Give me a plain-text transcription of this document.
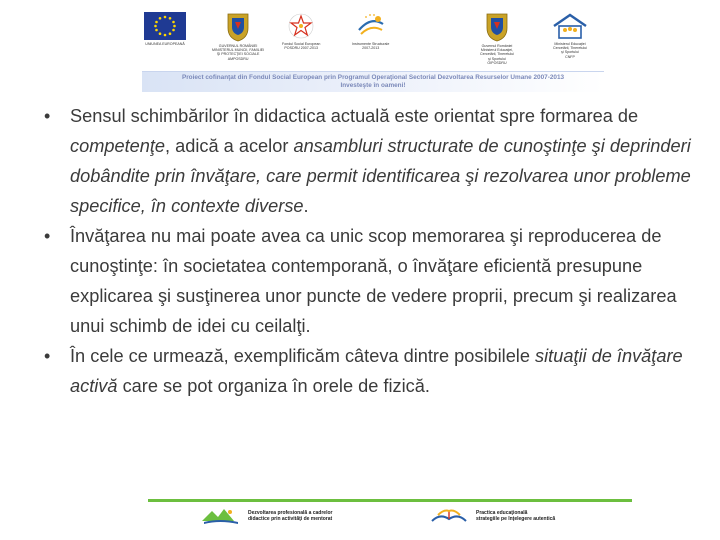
UNIUNEA EUROPEANĂ	GUVERNUL ROMÂNIEI
MINISTERUL MUNCII, FAMILIEI
ŞI PROTECŢIEI SOCIALE
AMPOSDRU
Fondul Social European
POSDRU 2007-2013
Instrumente Structurale
2007-2013
Guvernul României
Ministerul Educaţiei,
Cercetării, Tineretului
şi Sportului
OIPOSDRU
Ministerul Educaţiei
Cercetării, Tineretului
şi Sportului
CNFP
Proiect cofinanţat din Fondul Social European prin Programul Operaţional Sectorial Dezvoltarea Resurselor Umane 2007-2013
Investeşte în oameni!
• Sensul schimbărilor în didactica actuală este orientat spre formarea de competenţe, adică a acelor ansambluri structurate de cunoştinţe şi deprinderi dobândite prin învăţare, care permit identificarea şi rezolvarea unor probleme specifice, în contexte diverse.
• Învăţarea nu mai poate avea ca unic scop memorarea şi reproducerea de cunoştinţe: în societatea contemporană, o învăţare eficientă presupune explicarea şi susţinerea unor puncte de vedere proprii, precum şi realizarea unui schimb de idei cu ceilalţi.
• În cele ce urmează, exemplificăm câteva dintre posibilele situaţii de învăţare activă care se pot organiza în orele de fizică.
Dezvoltarea profesională a cadrelor
didactice prin activităţi de mentorat
Practica educaţională
strategiile pe înţelegere autentică
